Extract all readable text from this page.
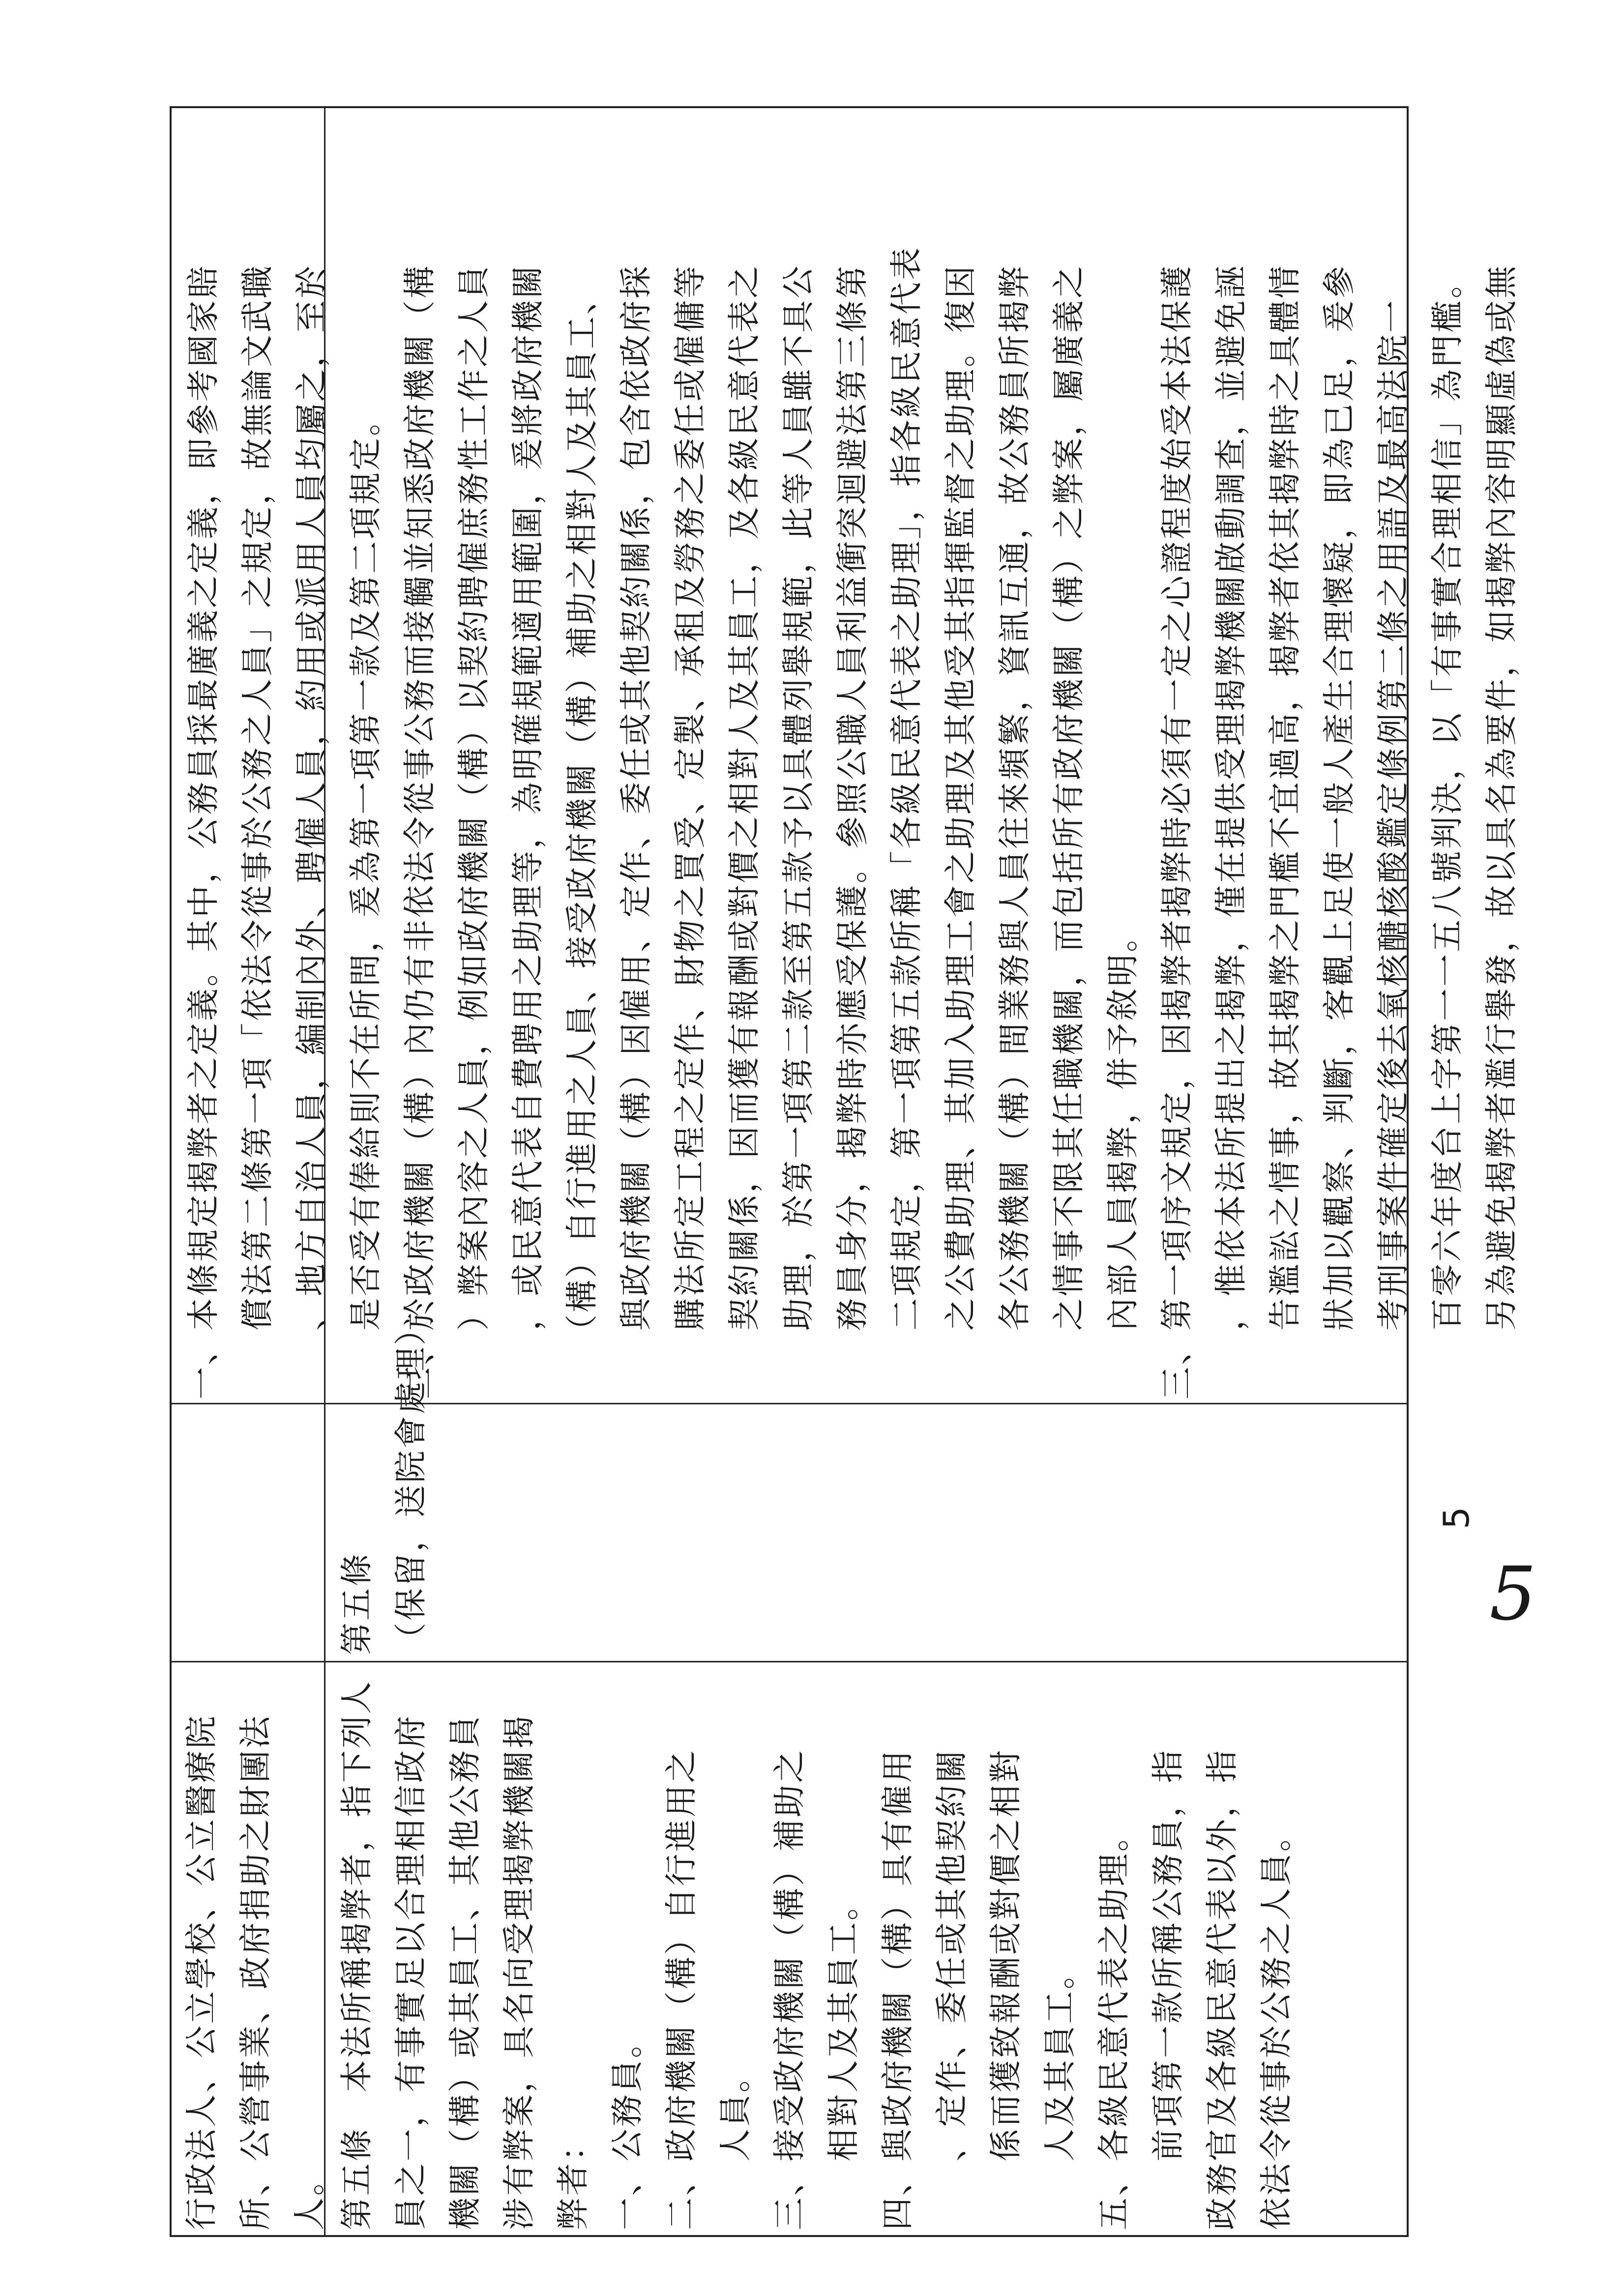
行政法人、公立學校、公立醫療院 所、公營事業、政府捐助之財團法 人。 第五條　本法所稱揭弊者，指下列人 員之一，有事實足以合理相信政府 機關（構）或其員工、其他公務員 涉有弊案，具名向受理揭弊機關揭 弊者： 一、公務員。 二、政府機關（構）自行進用之 　　人員。 三、接受政府機關（構）補助之 　　相對人及其員工。 四、與政府機關（構）具有僱用 　　、定作、委任或其他契約關 　　係而獲致報酬或對價之相對 　　人及其員工。 五、各級民意代表之助理。 　　前項第一款所稱公務員，指 政務官及各級民意代表以外，指 依法令從事於公務之人員。
第五條 （保留，送院會處理）
一、本條規定揭弊者之定義。其中，公務員採最廣義之定義，即參考國家賠 　　償法第二條第一項「依法令從事於公務之人員」之規定，故無論文武職 　　、地方自治人員，編制內外、聘僱人員，約用或派用人員均屬之，至於 　　是否受有俸給則不在所問，爰為第一項第一款及第二項規定。 二、於政府機關（構）內仍有非依法令從事公務而接觸並知悉政府機關（構 　　）弊案內容之人員，例如政府機關（構）以契約聘僱庶務性工作之人員 　　，或民意代表自費聘用之助理等，為明確規範適用範圍，爰將政府機關 　　（構）自行進用之人員、接受政府機關（構）補助之相對人及其員工、 　　與政府機關（構）因僱用、定作、委任或其他契約關係，包含依政府採 　　購法所定工程之定作、財物之買受、定製、承租及勞務之委任或僱傭等 　　契約關係，因而獲有報酬或對價之相對人及其員工，及各級民意代表之 　　助理，於第一項第二款至第五款予以具體列舉規範，此等人員雖不具公 　　務員身分，揭弊時亦應受保護。參照公職人員利益衝突迴避法第三條第 　　二項規定，第一項第五款所稱「各級民意代表之助理」，指各級民意代表 　　之公費助理、其加入助理工會之助理及其他受其指揮監督之助理。復因 　　各公務機關（構）間業務與人員往來頻繁，資訊互通，故公務員所揭弊 　　之情事不限其任職機關，而包括所有政府機關（構）之弊案，屬廣義之 　　內部人員揭弊，併予敘明。 三、第一項序文規定，因揭弊者揭弊時必須有一定之心證程度始受本法保護 　　，惟依本法所提出之揭弊，僅在提供受理揭弊機關啟動調查，並避免誣 　　告濫訟之情事，故其揭弊之門檻不宜過高，揭弊者依其揭弊時之具體情 　　狀加以觀察、判斷，客觀上足使一般人產生合理懷疑，即為已足，爰參 　　考刑事案件確定後去氧核醣核酸鑑定條例第二條之用語及最高法院一 　　百零六年度台上字第一一五八號判決，以「有事實合理相信」為門檻。 　　另為避免揭弊者濫行舉發，故以具名為要件，如揭弊內容明顯虛偽或無
5
5
